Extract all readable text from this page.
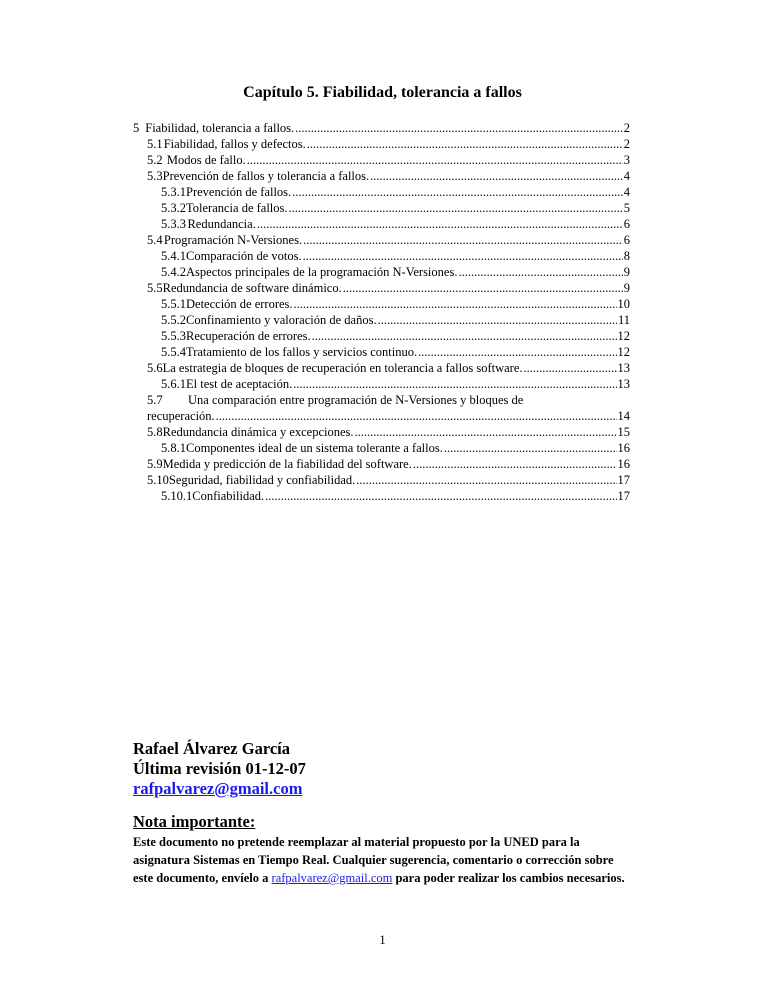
Capítulo 5. Fiabilidad, tolerancia a fallos
5 Fiabilidad, tolerancia a fallos. .....	2
5.1 Fiabilidad, fallos y defectos. .....	2
5.2 Modos de fallo. .....	3
5.3 Prevención de fallos y tolerancia a fallos. .....	4
5.3.1 Prevención de fallos. .....	4
5.3.2 Tolerancia de fallos. .....	5
5.3.3 Redundancia. .....	6
5.4 Programación N-Versiones. .....	6
5.4.1 Comparación de votos. .....	8
5.4.2 Aspectos principales de la programación N-Versiones. .....	9
5.5 Redundancia de software dinámico. .....	9
5.5.1 Detección de errores. .....	10
5.5.2 Confinamiento y valoración de daños. .....	11
5.5.3 Recuperación de errores. .....	12
5.5.4 Tratamiento de los fallos y servicios continuo. .....	12
5.6 La estrategia de bloques de recuperación en tolerancia a fallos software. .....	13
5.6.1 El test de aceptación. .....	13
5.7 Una comparación entre programación de N-Versiones y bloques de
recuperación. .....	14
5.8 Redundancia dinámica y excepciones. .....	15
5.8.1 Componentes ideal de un sistema tolerante a fallos. .....	16
5.9 Medida y predicción de la fiabilidad del software. .....	16
5.10 Seguridad, fiabilidad y confiabilidad. .....	17
5.10.1 Confiabilidad. .....	17
Rafael Álvarez García
Última revisión 01-12-07
rafpalvarez@gmail.com
Nota importante:
Este documento no pretende reemplazar al material propuesto por la UNED para la asignatura Sistemas en Tiempo Real. Cualquier sugerencia, comentario o corrección sobre este documento, envíelo a rafpalvarez@gmail.com para poder realizar los cambios necesarios.
1
